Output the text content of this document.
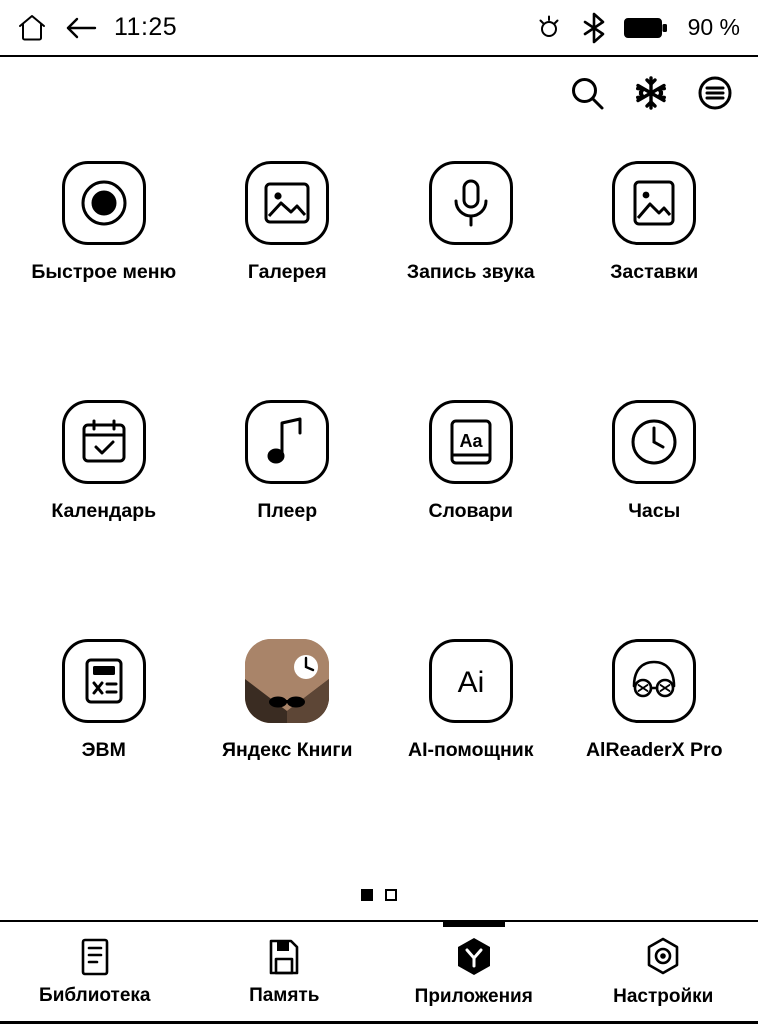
11:25	90 %
Быстрое меню	Галерея	Запись звука	Заставки
Календарь	Плеер
Aa
Словари	Часы
ЭВМ	Яндекс Книги
Ai
AI-помощник	AlReaderX Pro
Библиотека	Память	Приложения	Настройки
